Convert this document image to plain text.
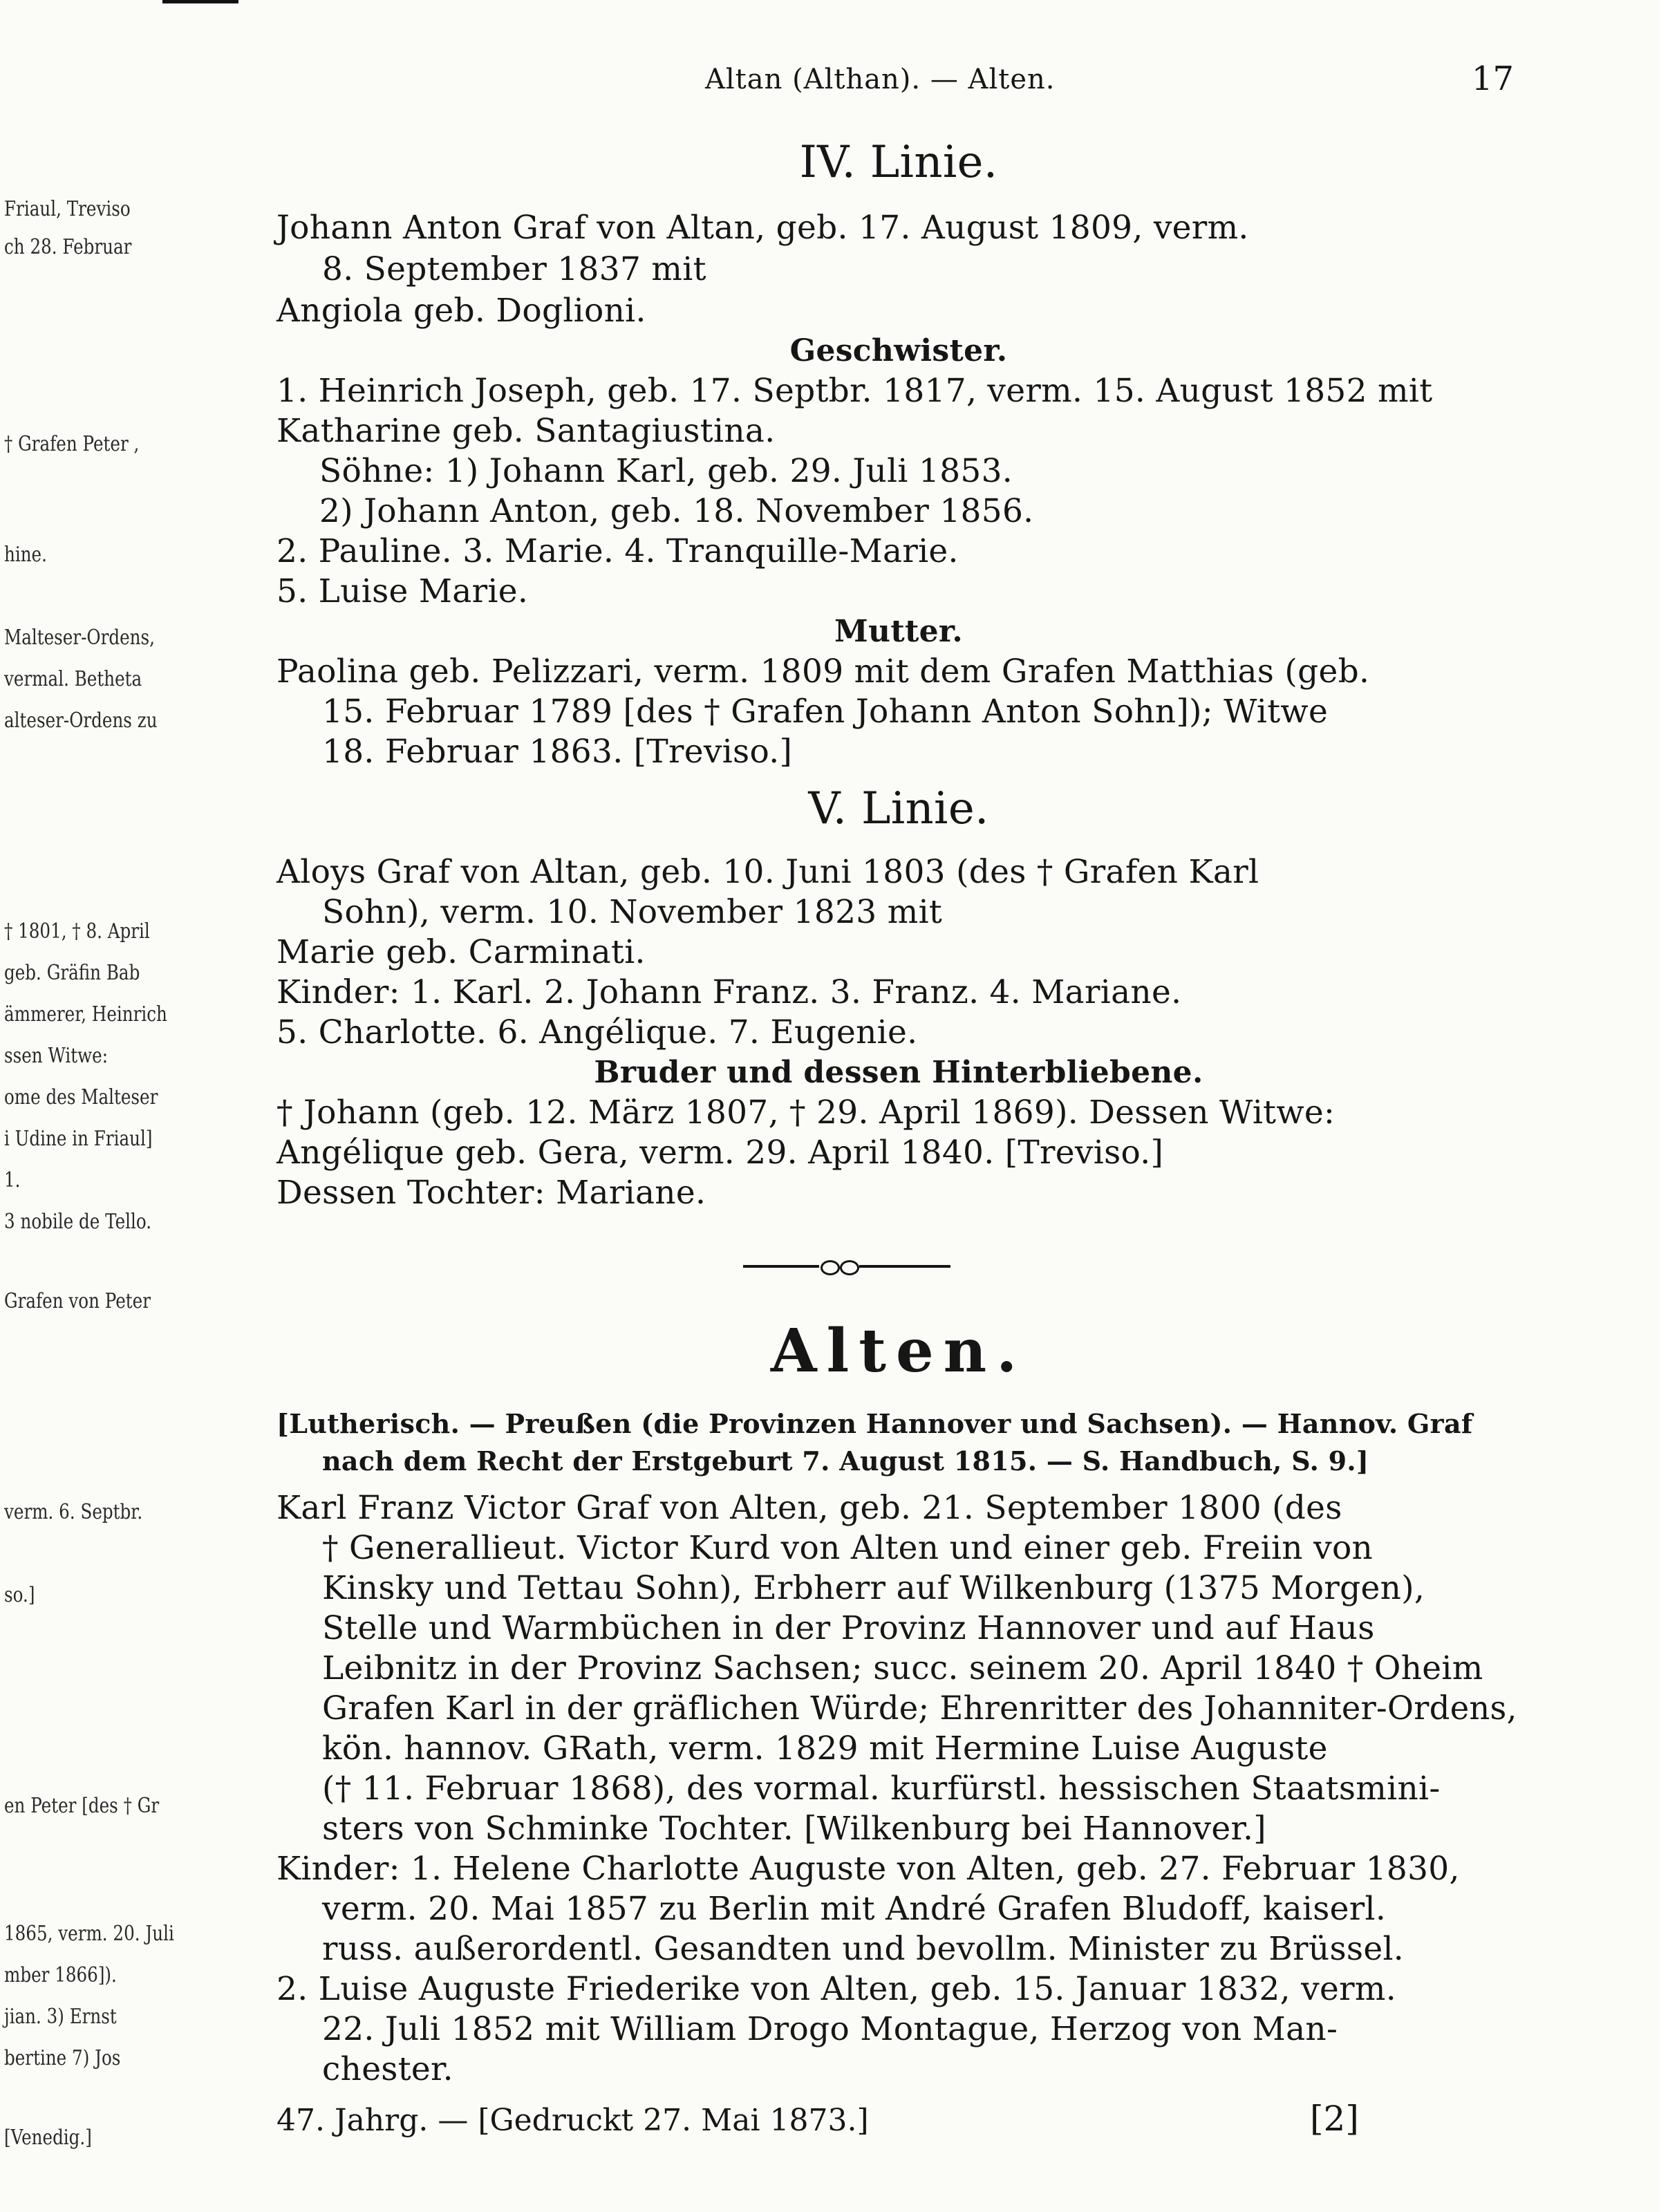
Friaul, Treviso
ch 28. Februar
† Grafen Peter ,
hine.
Malteser-Ordens,
vermal. Betheta
alteser-Ordens zu
† 1801, † 8. April
geb. Gräfin Bab
ämmerer, Heinrich
ssen Witwe:
ome des Malteser
i Udine in Friaul]
1.
3 nobile de Tello.
Grafen von Peter
verm. 6. Septbr.
so.]
en Peter [des † Gr
1865, verm. 20. Juli
mber 1866]).
jian. 3) Ernst
bertine 7) Jos
[Venedig.]
Altan (Althan). — Alten.	17
IV. Linie.
Johann Anton Graf von Altan, geb. 17. August 1809, verm.
8. September 1837 mit
Angiola geb. Doglioni.
Geschwister.
1. Heinrich Joseph, geb. 17. Septbr. 1817, verm. 15. August 1852 mit
Katharine geb. Santagiustina.
Söhne: 1) Johann Karl, geb. 29. Juli 1853.
2) Johann Anton, geb. 18. November 1856.
2. Pauline. 3. Marie. 4. Tranquille-Marie.
5. Luise Marie.
Mutter.
Paolina geb. Pelizzari, verm. 1809 mit dem Grafen Matthias (geb.
15. Februar 1789 [des † Grafen Johann Anton Sohn]); Witwe
18. Februar 1863. [Treviso.]
V. Linie.
Aloys Graf von Altan, geb. 10. Juni 1803 (des † Grafen Karl
Sohn), verm. 10. November 1823 mit
Marie geb. Carminati.
Kinder: 1. Karl. 2. Johann Franz. 3. Franz. 4. Mariane.
5. Charlotte. 6. Angélique. 7. Eugenie.
Bruder und dessen Hinterbliebene.
† Johann (geb. 12. März 1807, † 29. April 1869). Dessen Witwe:
Angélique geb. Gera, verm. 29. April 1840. [Treviso.]
Dessen Tochter: Mariane.
Alten.
[Lutherisch. — Preußen (die Provinzen Hannover und Sachsen). — Hannov. Graf
nach dem Recht der Erstgeburt 7. August 1815. — S. Handbuch, S. 9.]
Karl Franz Victor Graf von Alten, geb. 21. September 1800 (des
† Generallieut. Victor Kurd von Alten und einer geb. Freiin von
Kinsky und Tettau Sohn), Erbherr auf Wilkenburg (1375 Morgen),
Stelle und Warmbüchen in der Provinz Hannover und auf Haus
Leibnitz in der Provinz Sachsen; succ. seinem 20. April 1840 † Oheim
Grafen Karl in der gräflichen Würde; Ehrenritter des Johanniter-Ordens,
kön. hannov. GRath, verm. 1829 mit Hermine Luise Auguste
(† 11. Februar 1868), des vormal. kurfürstl. hessischen Staatsmini-
sters von Schminke Tochter. [Wilkenburg bei Hannover.]
Kinder: 1. Helene Charlotte Auguste von Alten, geb. 27. Februar 1830,
verm. 20. Mai 1857 zu Berlin mit André Grafen Bludoff, kaiserl.
russ. außerordentl. Gesandten und bevollm. Minister zu Brüssel.
2. Luise Auguste Friederike von Alten, geb. 15. Januar 1832, verm.
22. Juli 1852 mit William Drogo Montague, Herzog von Man-
chester.
47. Jahrg. — [Gedruckt 27. Mai 1873.]	[2]
